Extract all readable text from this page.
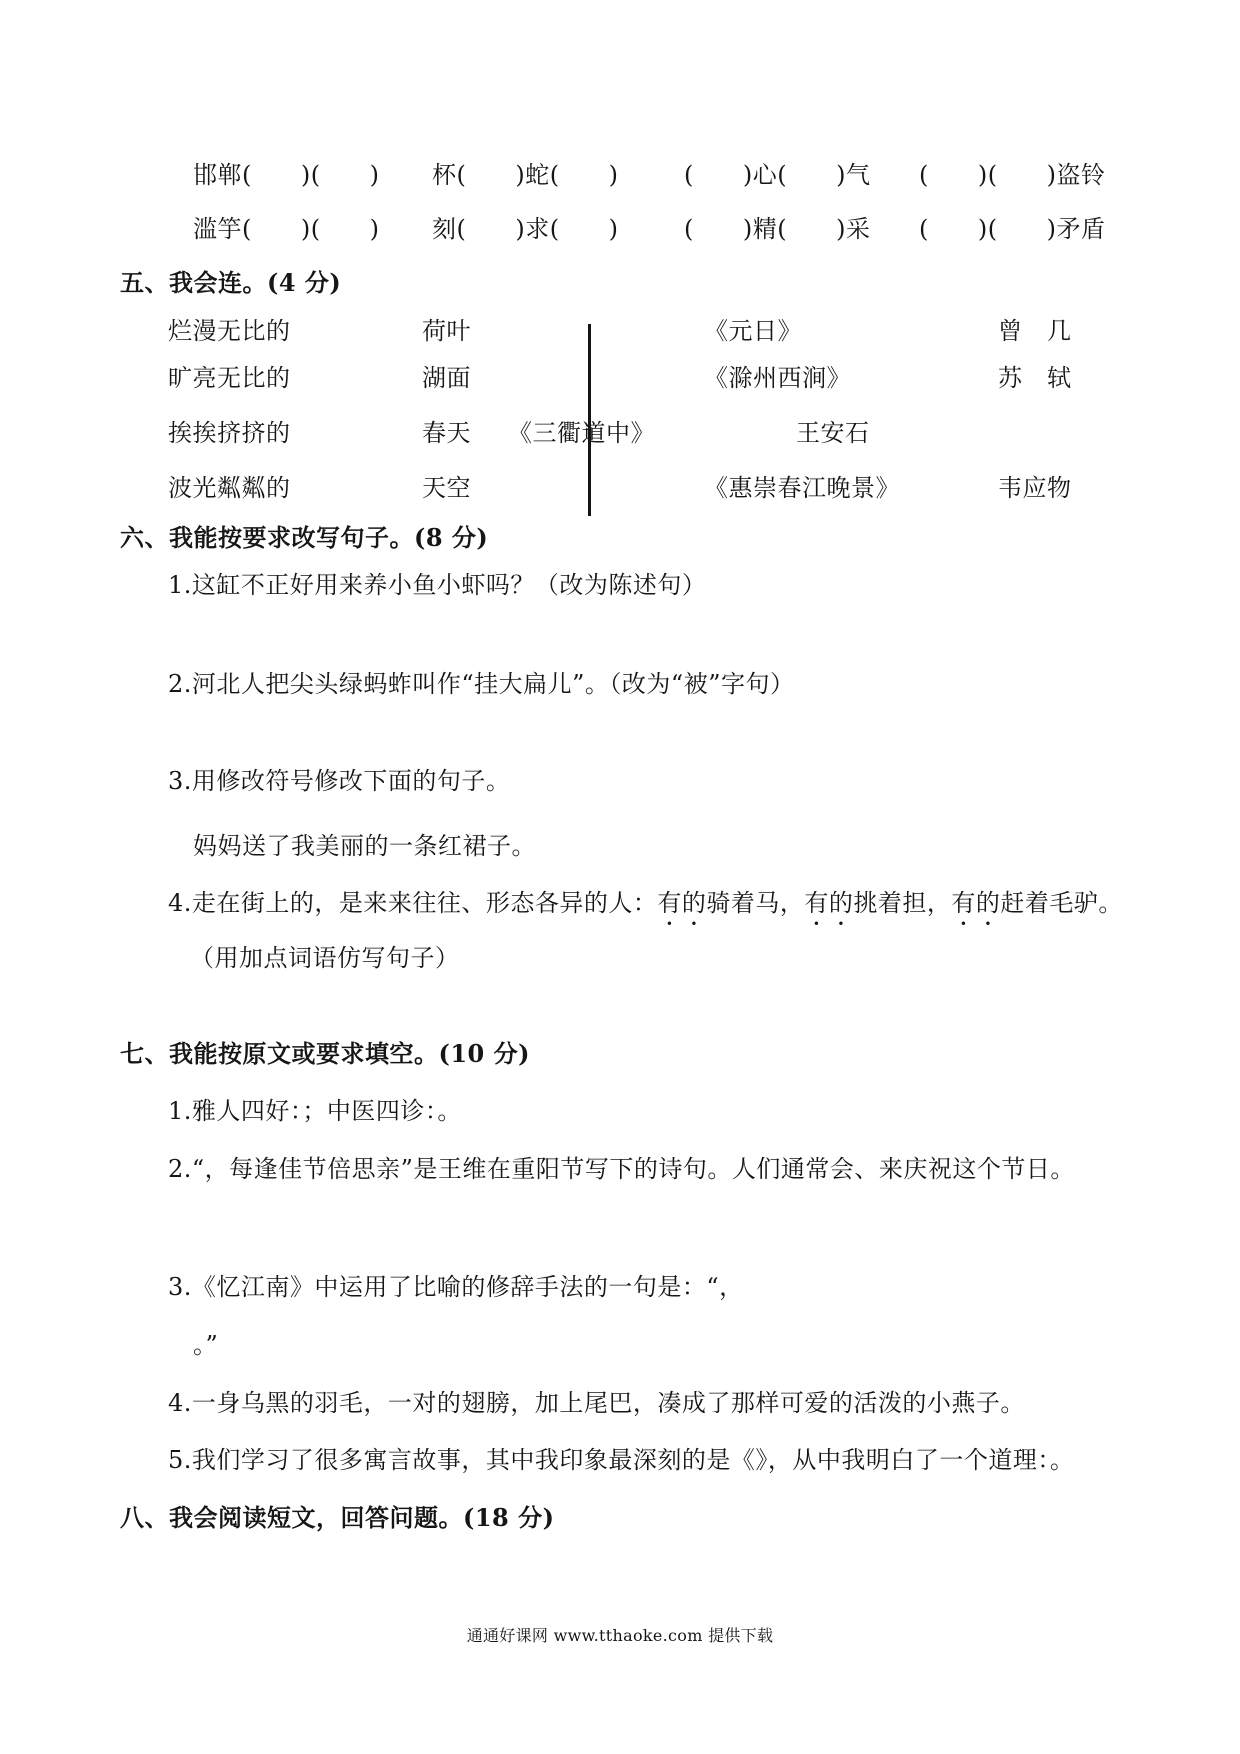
邯郸(　　)(　　) 杯(　　)蛇(　　)	(　　)心(　　)气 (　　)(　　)盗铃
滥竽(　　)(　　) 刻(　　)求(　　)	(　　)精(　　)采 (　　)(　　)矛盾
五、我会连。(4 分)
烂漫无比的	荷叶	《元日》	曾　几
旷亮无比的	湖面	《滁州西涧》	苏　轼
挨挨挤挤的	春天 《三衢道中》	王安石
波光粼粼的	天空	《惠崇春江晚景》	韦应物
六、我能按要求改写句子。(8 分)
1.这缸不正好用来养小鱼小虾吗？（改为陈述句）
2.河北人把尖头绿蚂蚱叫作“挂大扁儿”。（改为“被”字句）
3.用修改符号修改下面的句子。
妈妈送了我美丽的一条红裙子。
4.走在街上的，是来来往往、形态各异的人：有的骑着马，有的挑着担，有的赶着毛驴。
（用加点词语仿写句子）
七、我能按原文或要求填空。(10 分)
1.雅人四好：；中医四诊：。
2.“，每逢佳节倍思亲”是王维在重阳节写下的诗句。人们通常会、来庆祝这个节日。
3.《忆江南》中运用了比喻的修辞手法的一句是：“，
。”
4.一身乌黑的羽毛，一对的翅膀，加上尾巴，凑成了那样可爱的活泼的小燕子。
5.我们学习了很多寓言故事，其中我印象最深刻的是《》，从中我明白了一个道理：。
八、我会阅读短文，回答问题。(18 分)
通通好课网 www.tthaoke.com 提供下载
